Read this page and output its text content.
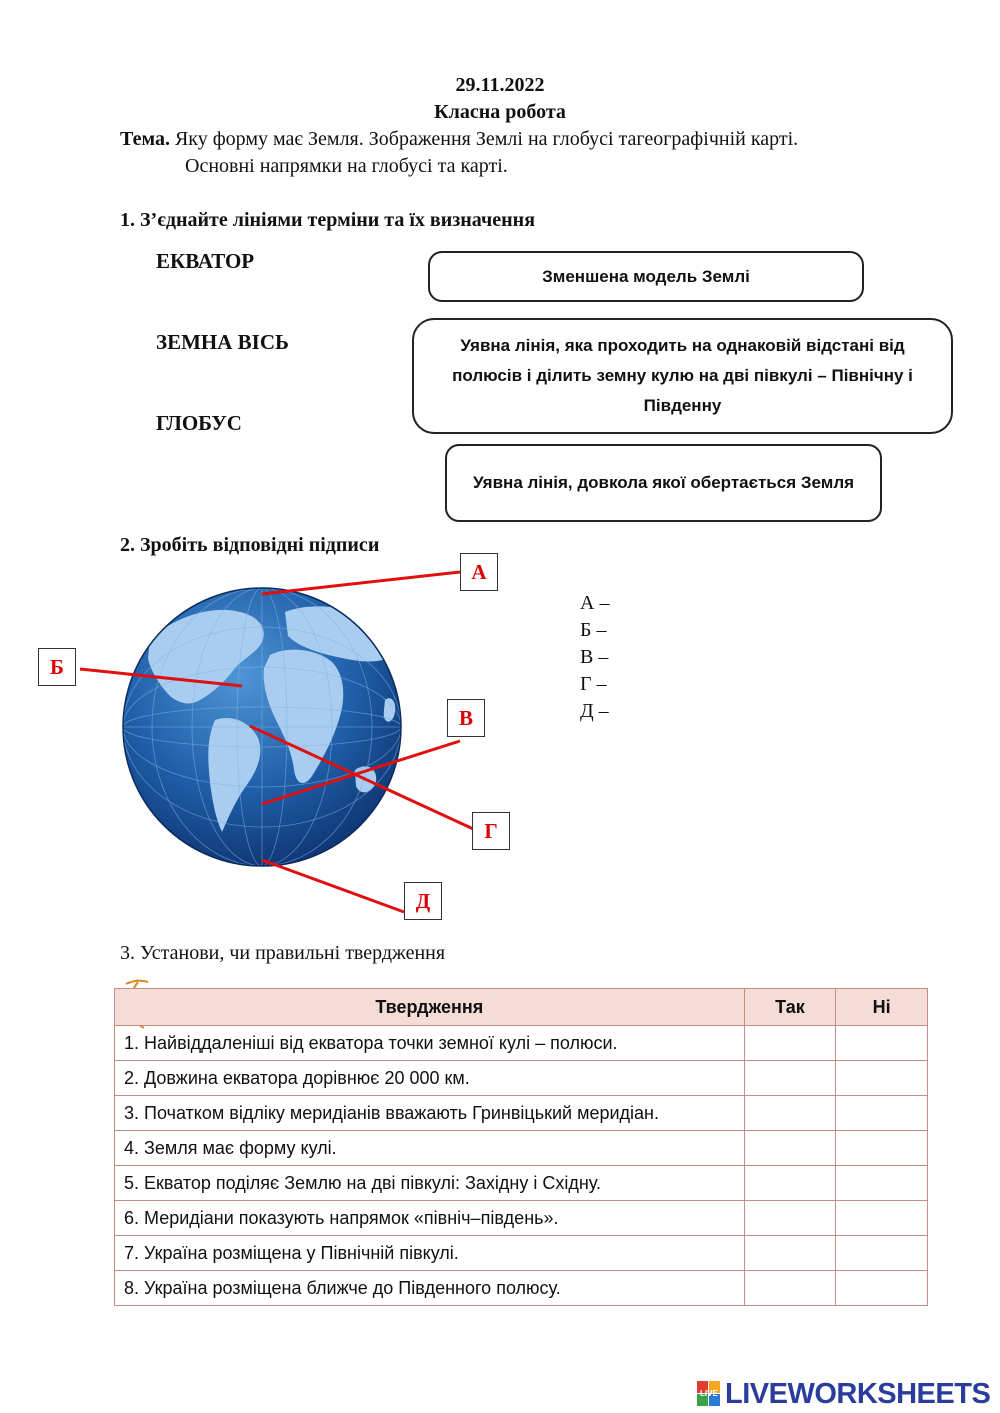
29.11.2022
Класна робота
Тема. Яку форму має Земля. Зображення Землі на глобусі тагеографічній карті.
Основні напрямки на глобусі та карті.
1. З’єднайте лініями терміни та їх визначення
ЕКВАТОР
ЗЕМНА ВІСЬ
ГЛОБУС
Зменшена модель Землі
Уявна лінія, яка проходить на однаковій відстані від полюсів і ділить земну кулю на дві півкулі – Північну і Південну
Уявна лінія, довкола якої обертається Земля
2. Зробіть відповідні підписи
А
Б
В
Г
Д
А –
Б –
В –
Г –
Д –
3. Установи, чи правильні твердження
Твердження	Так	Ні
1. Найвіддаленіші від екватора точки земної кулі – полюси.		
2. Довжина екватора дорівнює 20 000 км.		
3. Початком відліку меридіанів вважають Гринвіцький меридіан.		
4. Земля має форму кулі.		
5. Екватор поділяє Землю на дві півкулі: Західну і Східну.		
6. Меридіани показують напрямок «північ–південь».		
7. Україна розміщена у Північній півкулі.		
8. Україна розміщена ближче до Південного полюсу.		
LIVE LIVEWORKSHEETS
